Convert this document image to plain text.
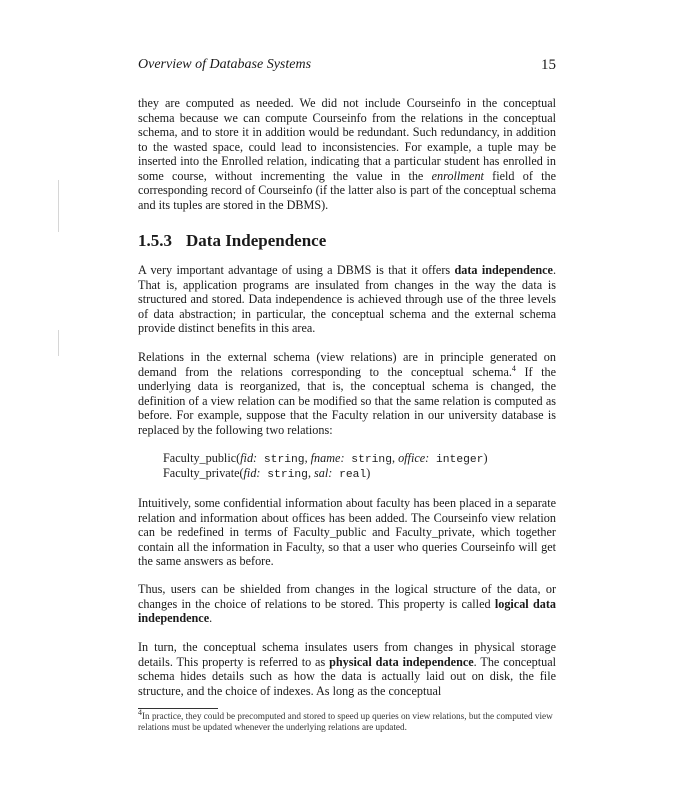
Overview of Database Systems	15
they are computed as needed. We did not include Courseinfo in the conceptual schema because we can compute Courseinfo from the relations in the conceptual schema, and to store it in addition would be redundant. Such redundancy, in addition to the wasted space, could lead to inconsistencies. For example, a tuple may be inserted into the Enrolled relation, indicating that a particular student has enrolled in some course, without incrementing the value in the enrollment field of the corresponding record of Courseinfo (if the latter also is part of the conceptual schema and its tuples are stored in the DBMS).
1.5.3 Data Independence
A very important advantage of using a DBMS is that it offers data independence. That is, application programs are insulated from changes in the way the data is structured and stored. Data independence is achieved through use of the three levels of data abstraction; in particular, the conceptual schema and the external schema provide distinct benefits in this area.
Relations in the external schema (view relations) are in principle generated on demand from the relations corresponding to the conceptual schema.$^4$ If the underlying data is reorganized, that is, the conceptual schema is changed, the definition of a view relation can be modified so that the same relation is computed as before. For example, suppose that the Faculty relation in our university database is replaced by the following two relations:
Faculty_public(fid: string, fname: string, office: integer)
Faculty_private(fid: string, sal: real)
Intuitively, some confidential information about faculty has been placed in a separate relation and information about offices has been added. The Courseinfo view relation can be redefined in terms of Faculty_public and Faculty_private, which together contain all the information in Faculty, so that a user who queries Courseinfo will get the same answers as before.
Thus, users can be shielded from changes in the logical structure of the data, or changes in the choice of relations to be stored. This property is called logical data independence.
In turn, the conceptual schema insulates users from changes in physical storage details. This property is referred to as physical data independence. The conceptual schema hides details such as how the data is actually laid out on disk, the file structure, and the choice of indexes. As long as the conceptual
$^4$In practice, they could be precomputed and stored to speed up queries on view relations, but the computed view relations must be updated whenever the underlying relations are updated.
